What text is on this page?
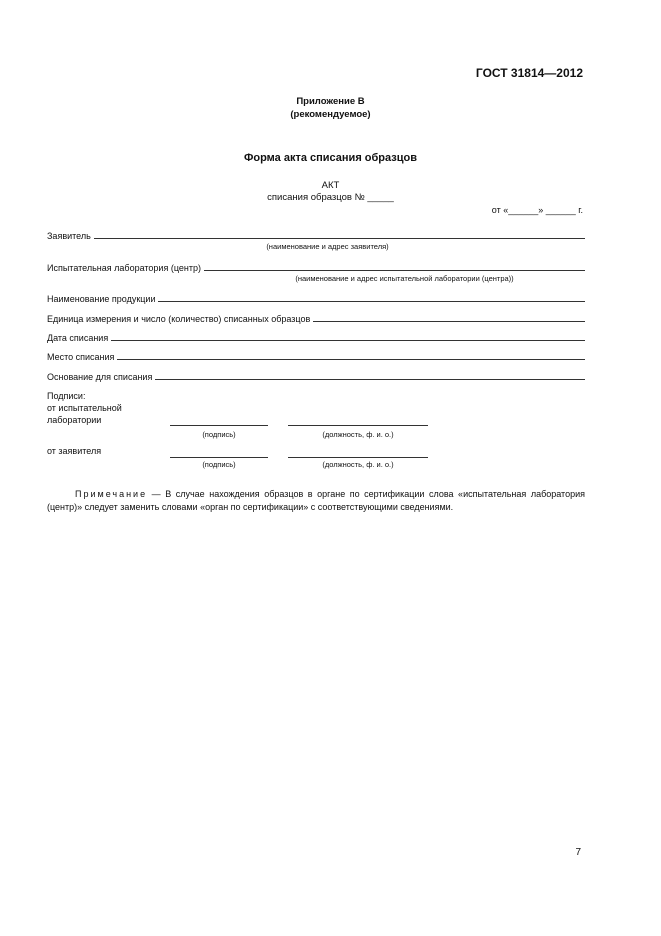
ГОСТ 31814—2012
Приложение В
(рекомендуемое)
Форма акта списания образцов
АКТ
списания образцов № _____
от «______» ______ г.
Заявитель
(наименование и адрес заявителя)
Испытательная лаборатория (центр)
(наименование и адрес испытательной лаборатории (центра))
Наименование продукции
Единица измерения и число (количество) списанных образцов
Дата списания
Место списания
Основание для списания
Подписи:
от испытательной
лаборатории
(подпись)	(должность, ф. и. о.)
от заявителя
(подпись)	(должность, ф. и. о.)
Примечание — В случае нахождения образцов в органе по сертификации слова «испытательная лаборатория (центр)» следует заменить словами «орган по сертификации» с соответствующими сведениями.
7
